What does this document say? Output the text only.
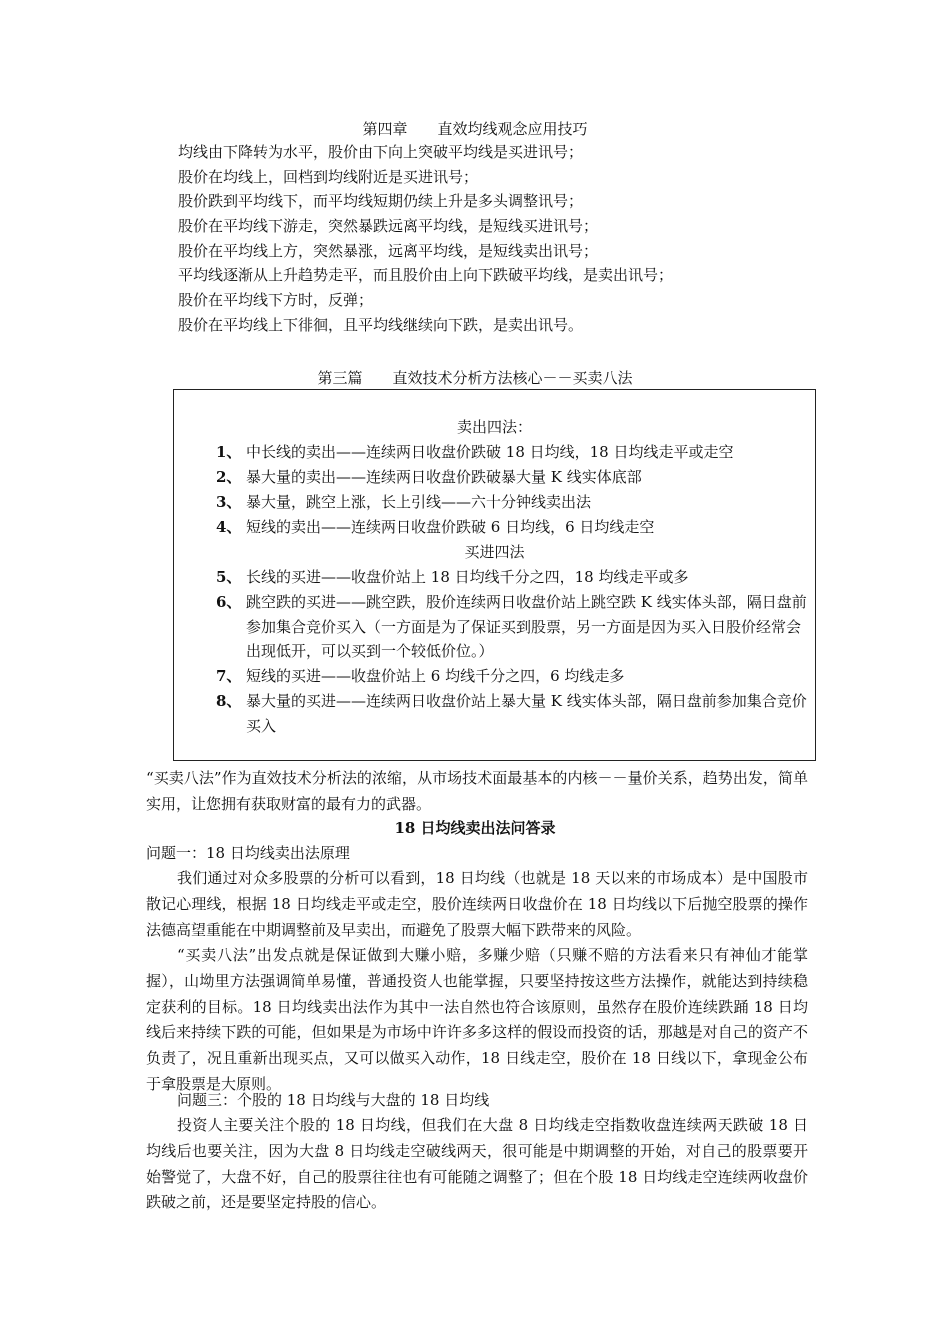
第四章　　直效均线观念应用技巧
均线由下降转为水平，股价由下向上突破平均线是买进讯号；
股价在均线上，回档到均线附近是买进讯号；
股价跌到平均线下，而平均线短期仍续上升是多头调整讯号；
股价在平均线下游走，突然暴跌远离平均线，是短线买进讯号；
股价在平均线上方，突然暴涨，远离平均线，是短线卖出讯号；
平均线逐渐从上升趋势走平，而且股价由上向下跌破平均线，是卖出讯号；
股价在平均线下方时，反弹；
股价在平均线上下徘徊，且平均线继续向下跌，是卖出讯号。
第三篇　　直效技术分析方法核心－－买卖八法
卖出四法：
1、 中长线的卖出——连续两日收盘价跌破 18 日均线，18 日均线走平或走空
2、 暴大量的卖出——连续两日收盘价跌破暴大量 K 线实体底部
3、 暴大量，跳空上涨，长上引线——六十分钟线卖出法
4、 短线的卖出——连续两日收盘价跌破 6 日均线，6 日均线走空
买进四法
5、 长线的买进——收盘价站上 18 日均线千分之四，18 均线走平或多
6、 跳空跌的买进——跳空跌，股价连续两日收盘价站上跳空跌 K 线实体头部，隔日盘前参加集合竞价买入（一方面是为了保证买到股票，另一方面是因为买入日股价经常会出现低开，可以买到一个较低价位。）
7、 短线的买进——收盘价站上 6 均线千分之四，6 均线走多
8、 暴大量的买进——连续两日收盘价站上暴大量 K 线实体头部，隔日盘前参加集合竞价买入
“买卖八法”作为直效技术分析法的浓缩，从市场技术面最基本的内核－－量价关系，趋势出发，简单实用，让您拥有获取财富的最有力的武器。
18 日均线卖出法问答录
问题一：18 日均线卖出法原理
我们通过对众多股票的分析可以看到，18 日均线（也就是 18 天以来的市场成本）是中国股市散记心理线，根据 18 日均线走平或走空，股价连续两日收盘价在 18 日均线以下后抛空股票的操作法德高望重能在中期调整前及早卖出，而避免了股票大幅下跌带来的风险。
“买卖八法”出发点就是保证做到大赚小赔，多赚少赔（只赚不赔的方法看来只有神仙才能掌握），山坳里方法强调简单易懂，普通投资人也能掌握，只要坚持按这些方法操作，就能达到持续稳定获利的目标。18 日均线卖出法作为其中一法自然也符合该原则，虽然存在股价连续跌踊 18 日均线后来持续下跌的可能，但如果是为市场中许许多多这样的假设而投资的话，那越是对自己的资产不负责了，况且重新出现买点，又可以做买入动作，18 日线走空，股价在 18 日线以下，拿现金公布于拿股票是大原则。
问题三：个股的 18 日均线与大盘的 18 日均线
投资人主要关注个股的 18 日均线，但我们在大盘 8 日均线走空指数收盘连续两天跌破 18 日均线后也要关注，因为大盘 8 日均线走空破线两天，很可能是中期调整的开始，对自己的股票要开始警觉了，大盘不好，自己的股票往往也有可能随之调整了；但在个股 18 日均线走空连续两收盘价跌破之前，还是要坚定持股的信心。
